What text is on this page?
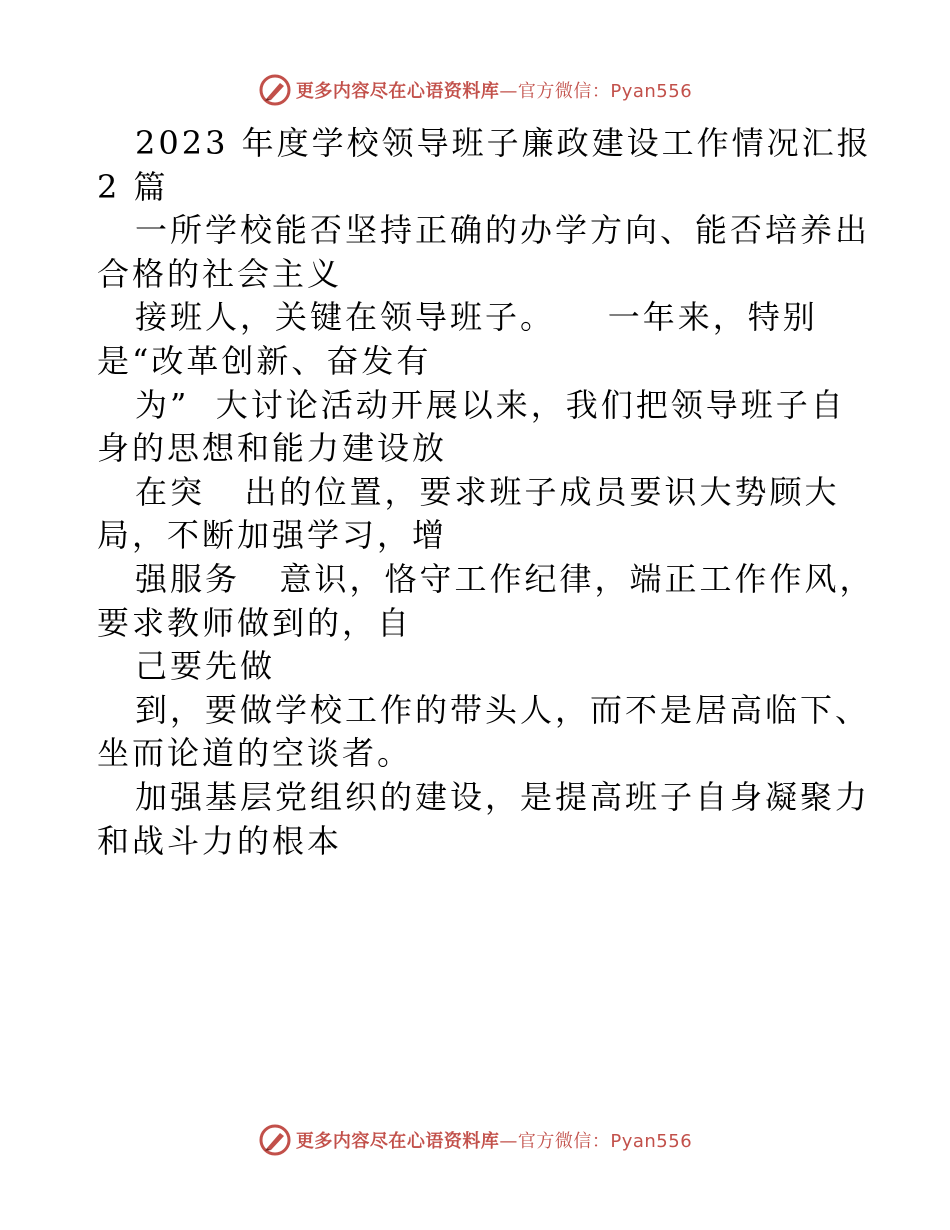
更多内容尽在心语资料库—官方微信：Pyan556
2023 年度学校领导班子廉政建设工作情况汇报
2 篇
一所学校能否坚持正确的办学方向、能否培养出
合格的社会主义
接班人，关键在领导班子。    一年来，特别
是“改革创新、奋发有
为”  大讨论活动开展以来，我们把领导班子自
身的思想和能力建设放
在突   出的位置，要求班子成员要识大势顾大
局，不断加强学习，增
强服务   意识，恪守工作纪律，端正工作作风，
要求教师做到的，自
己要先做
到，要做学校工作的带头人，而不是居高临下、
坐而论道的空谈者。
加强基层党组织的建设，是提高班子自身凝聚力
和战斗力的根本
更多内容尽在心语资料库—官方微信：Pyan556
